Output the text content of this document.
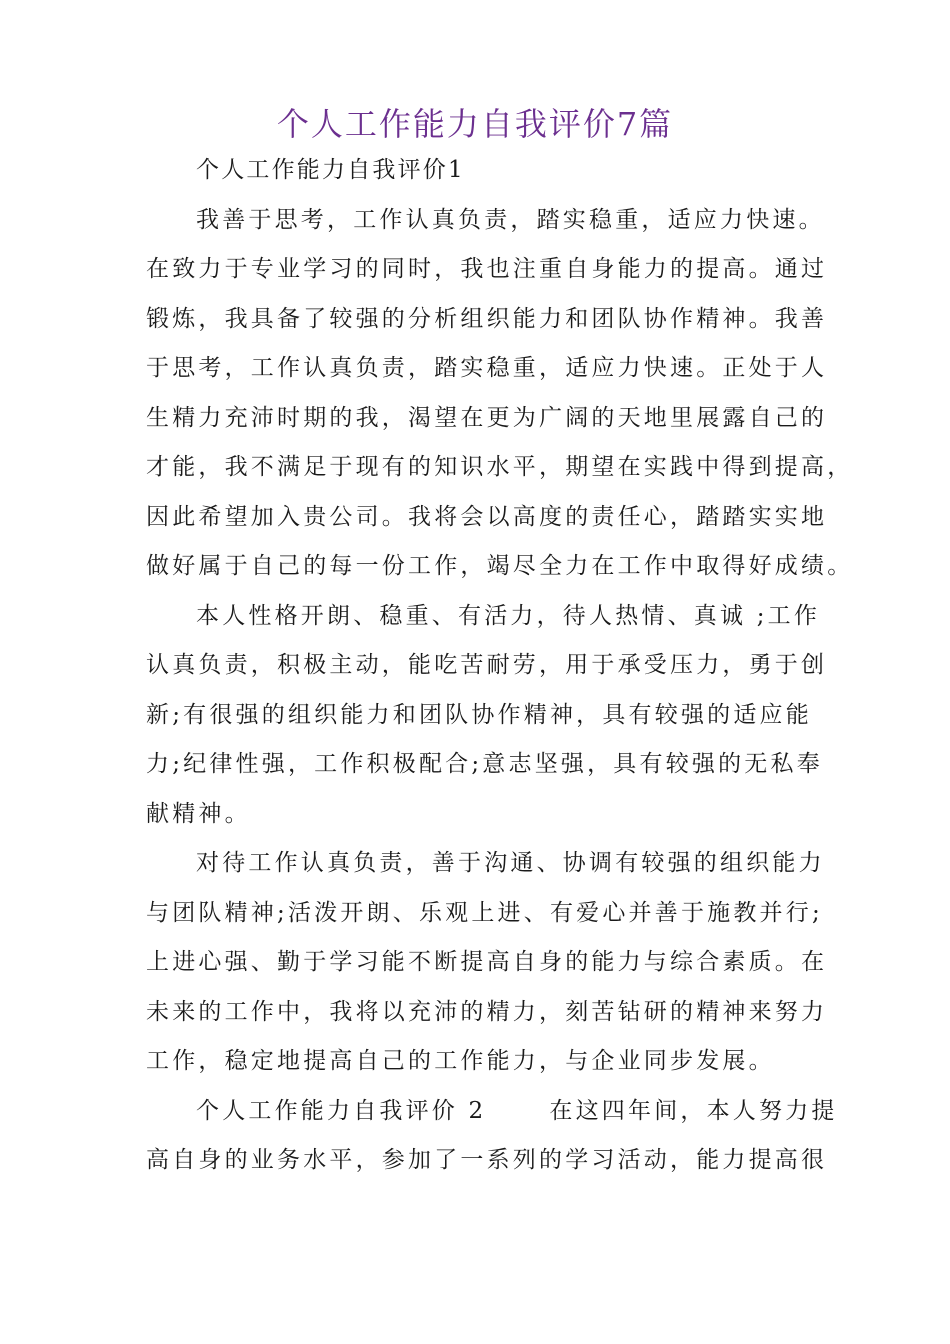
个人工作能力自我评价7篇
个人工作能力自我评价1
我善于思考，工作认真负责，踏实稳重，适应力快速。
在致力于专业学习的同时，我也注重自身能力的提高。通过
锻炼，我具备了较强的分析组织能力和团队协作精神。我善
于思考，工作认真负责，踏实稳重，适应力快速。正处于人
生精力充沛时期的我，渴望在更为广阔的天地里展露自己的
才能，我不满足于现有的知识水平，期望在实践中得到提高，
因此希望加入贵公司。我将会以高度的责任心，踏踏实实地
做好属于自己的每一份工作，竭尽全力在工作中取得好成绩。
本人性格开朗、稳重、有活力，待人热情、真诚 ;工作
认真负责，积极主动，能吃苦耐劳，用于承受压力，勇于创
新;有很强的组织能力和团队协作精神，具有较强的适应能
力;纪律性强，工作积极配合;意志坚强，具有较强的无私奉
献精神。
对待工作认真负责，善于沟通、协调有较强的组织能力
与团队精神;活泼开朗、乐观上进、有爱心并善于施教并行;
上进心强、勤于学习能不断提高自身的能力与综合素质。在
未来的工作中，我将以充沛的精力，刻苦钻研的精神来努力
工作，稳定地提高自己的工作能力，与企业同步发展。
个人工作能力自我评价 2      在这四年间，本人努力提
高自身的业务水平，参加了一系列的学习活动，能力提高很
